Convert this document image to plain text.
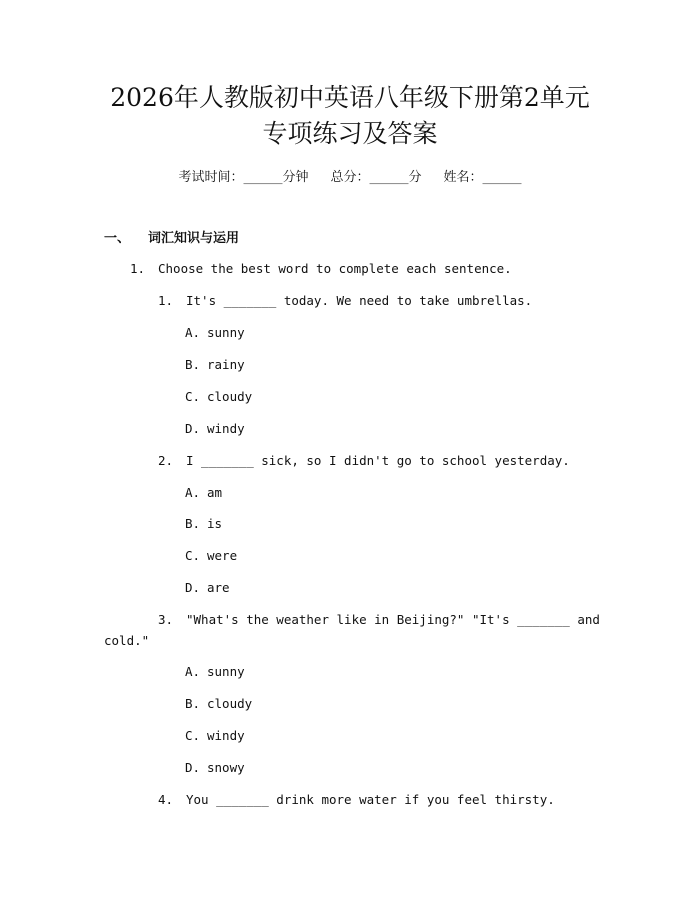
2026年人教版初中英语八年级下册第2单元
专项练习及答案
考试时间：______分钟 总分：______分 姓名：______
一、 词汇知识与运用
1. Choose the best word to complete each sentence.
1. It's _______ today. We need to take umbrellas.
A. sunny
B. rainy
C. cloudy
D. windy
2. I _______ sick, so I didn't go to school yesterday.
A. am
B. is
C. were
D. are
3. "What's the weather like in Beijing?" "It's _______ and
cold."
A. sunny
B. cloudy
C. windy
D. snowy
4. You _______ drink more water if you feel thirsty.
